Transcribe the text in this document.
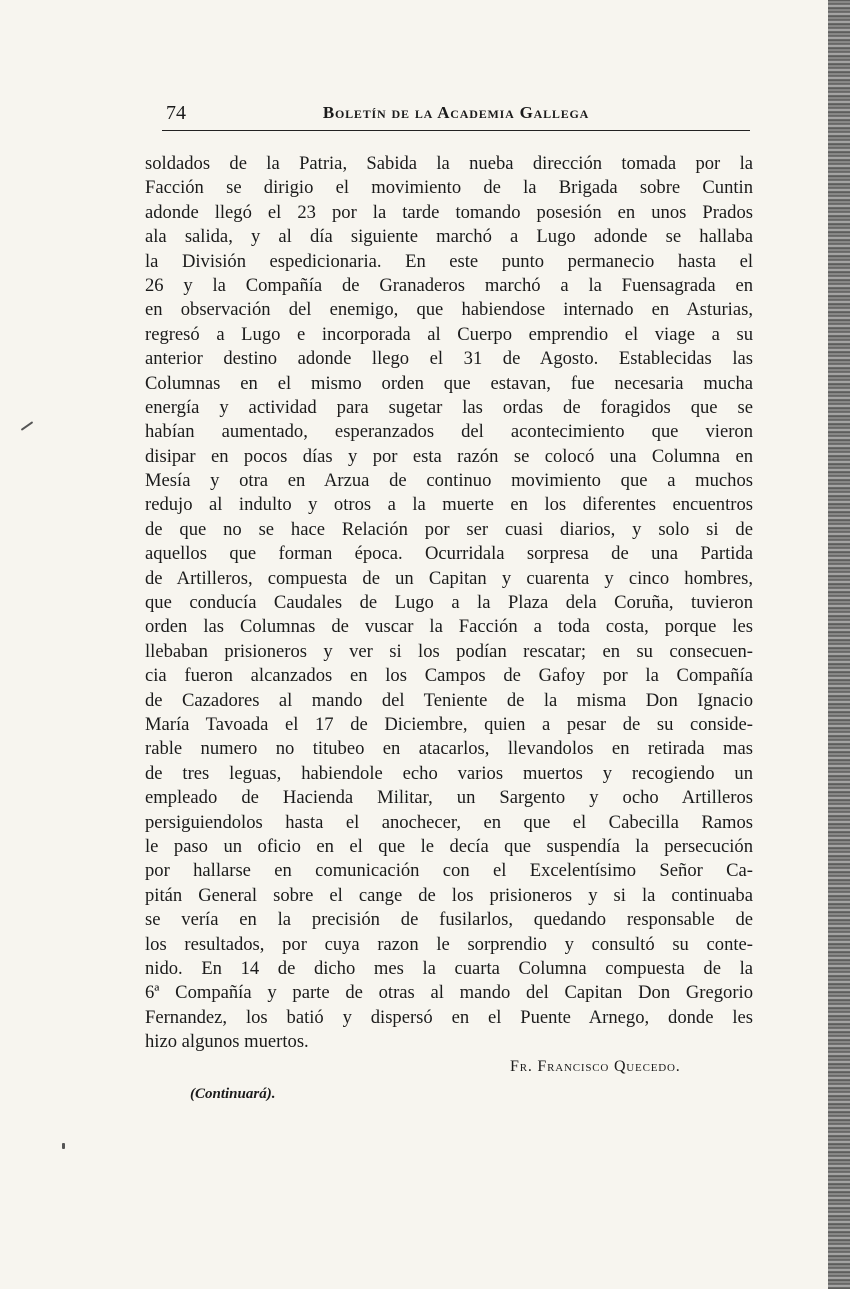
74	Boletín de la Academia Gallega
soldados de la Patria, Sabida la nueba dirección tomada por la
Facción se dirigio el movimiento de la Brigada sobre Cuntin
adonde llegó el 23 por la tarde tomando posesión en unos Prados
ala salida, y al día siguiente marchó a Lugo adonde se hallaba
la División espedicionaria. En este punto permanecio hasta el
26 y la Compañía de Granaderos marchó a la Fuensagrada en
en observación del enemigo, que habiendose internado en Asturias,
regresó a Lugo e incorporada al Cuerpo emprendio el viage a su
anterior destino adonde llego el 31 de Agosto. Establecidas las
Columnas en el mismo orden que estavan, fue necesaria mucha
energía y actividad para sugetar las ordas de foragidos que se
habían aumentado, esperanzados del acontecimiento que vieron
disipar en pocos días y por esta razón se colocó una Columna en
Mesía y otra en Arzua de continuo movimiento que a muchos
redujo al indulto y otros a la muerte en los diferentes encuentros
de que no se hace Relación por ser cuasi diarios, y solo si de
aquellos que forman época. Ocurridala sorpresa de una Partida
de Artilleros, compuesta de un Capitan y cuarenta y cinco hombres,
que conducía Caudales de Lugo a la Plaza dela Coruña, tuvieron
orden las Columnas de vuscar la Facción a toda costa, porque les
llebaban prisioneros y ver si los podían rescatar; en su consecuen-
cia fueron alcanzados en los Campos de Gafoy por la Compañía
de Cazadores al mando del Teniente de la misma Don Ignacio
María Tavoada el 17 de Diciembre, quien a pesar de su conside-
rable numero no titubeo en atacarlos, llevandolos en retirada mas
de tres leguas, habiendole echo varios muertos y recogiendo un
empleado de Hacienda Militar, un Sargento y ocho Artilleros
persiguiendolos hasta el anochecer, en que el Cabecilla Ramos
le paso un oficio en el que le decía que suspendía la persecución
por hallarse en comunicación con el Excelentísimo Señor Ca-
pitán General sobre el cange de los prisioneros y si la continuaba
se vería en la precisión de fusilarlos, quedando responsable de
los resultados, por cuya razon le sorprendio y consultó su conte-
nido. En 14 de dicho mes la cuarta Columna compuesta de la
6ª Compañía y parte de otras al mando del Capitan Don Gregorio
Fernandez, los batió y dispersó en el Puente Arnego, donde les
hizo algunos muertos.
Fr. Francisco Quecedo.
(Continuará).
